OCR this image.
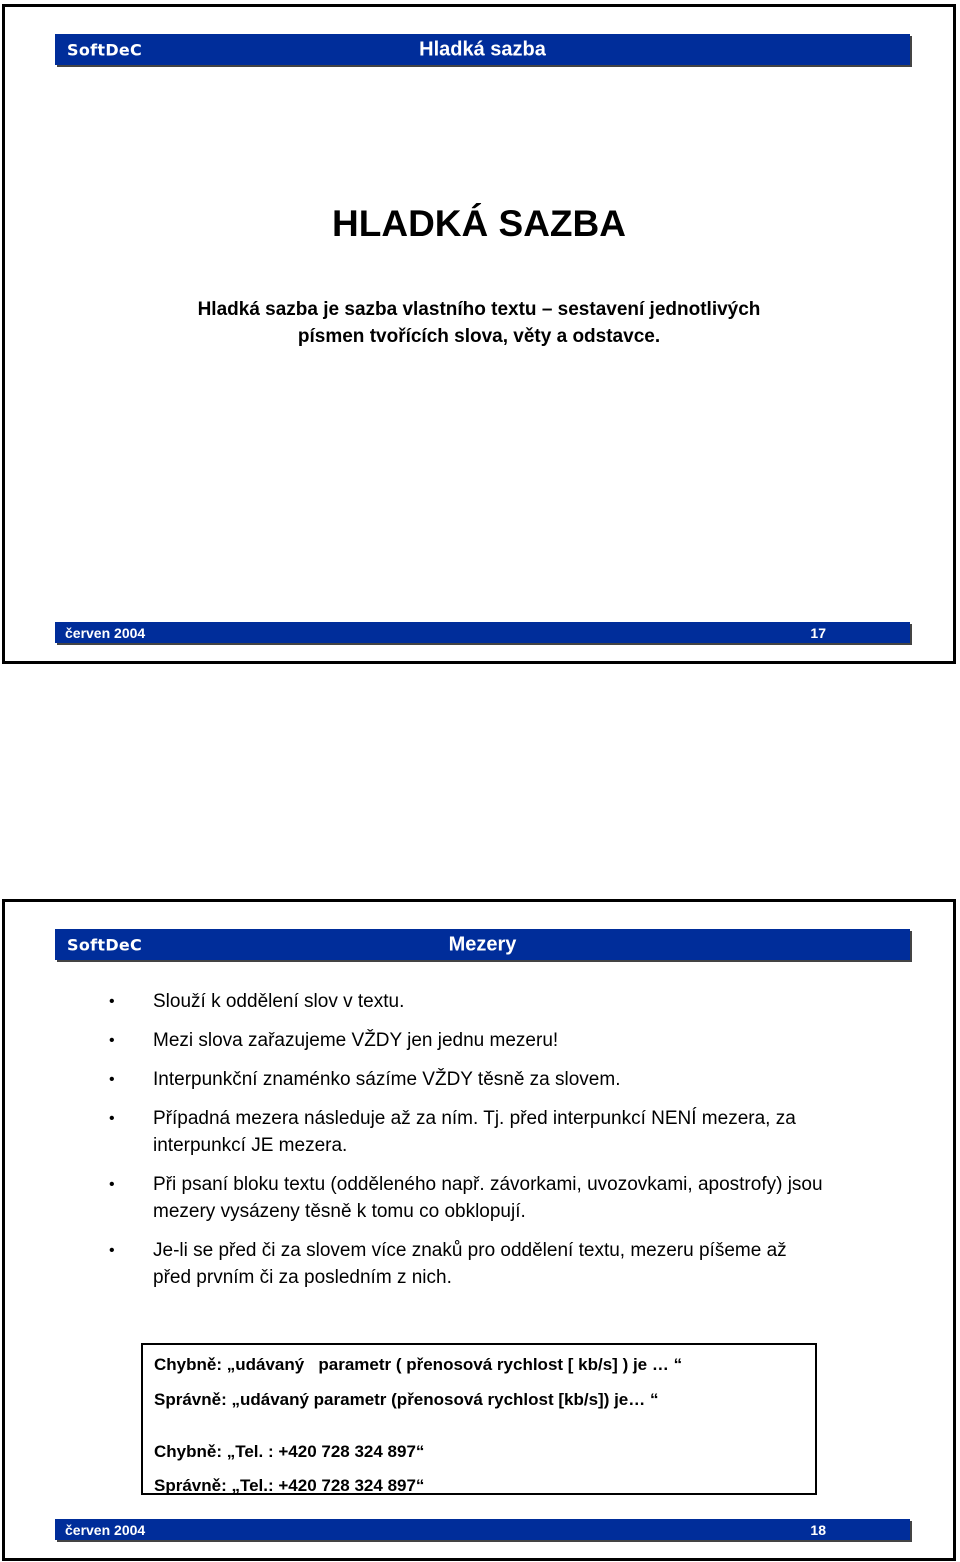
SoftDeC	Hladká sazba
HLADKÁ SAZBA
Hladká sazba je sazba vlastního textu – sestavení jednotlivých
písmen tvořících slova, věty a odstavce.
červen 2004	17
SoftDeC	Mezery
• Slouží k oddělení slov v textu.
• Mezi slova zařazujeme VŽDY jen jednu mezeru!
• Interpunkční znaménko sázíme VŽDY těsně za slovem.
• Případná mezera následuje až za ním. Tj. před interpunkcí NENÍ mezera, za interpunkcí JE mezera.
• Při psaní bloku textu (odděleného např. závorkami, uvozovkami, apostrofy) jsou mezery vysázeny těsně k tomu co obklopují.
• Je-li se před či za slovem více znaků pro oddělení textu, mezeru píšeme až před prvním či za posledním z nich.
Chybně: „udávaný   parametr ( přenosová rychlost [ kb/s] ) je … “
Správně: „udávaný parametr (přenosová rychlost [kb/s]) je… “
Chybně: „Tel. : +420 728 324 897“
Správně: „Tel.: +420 728 324 897“
červen 2004	18
